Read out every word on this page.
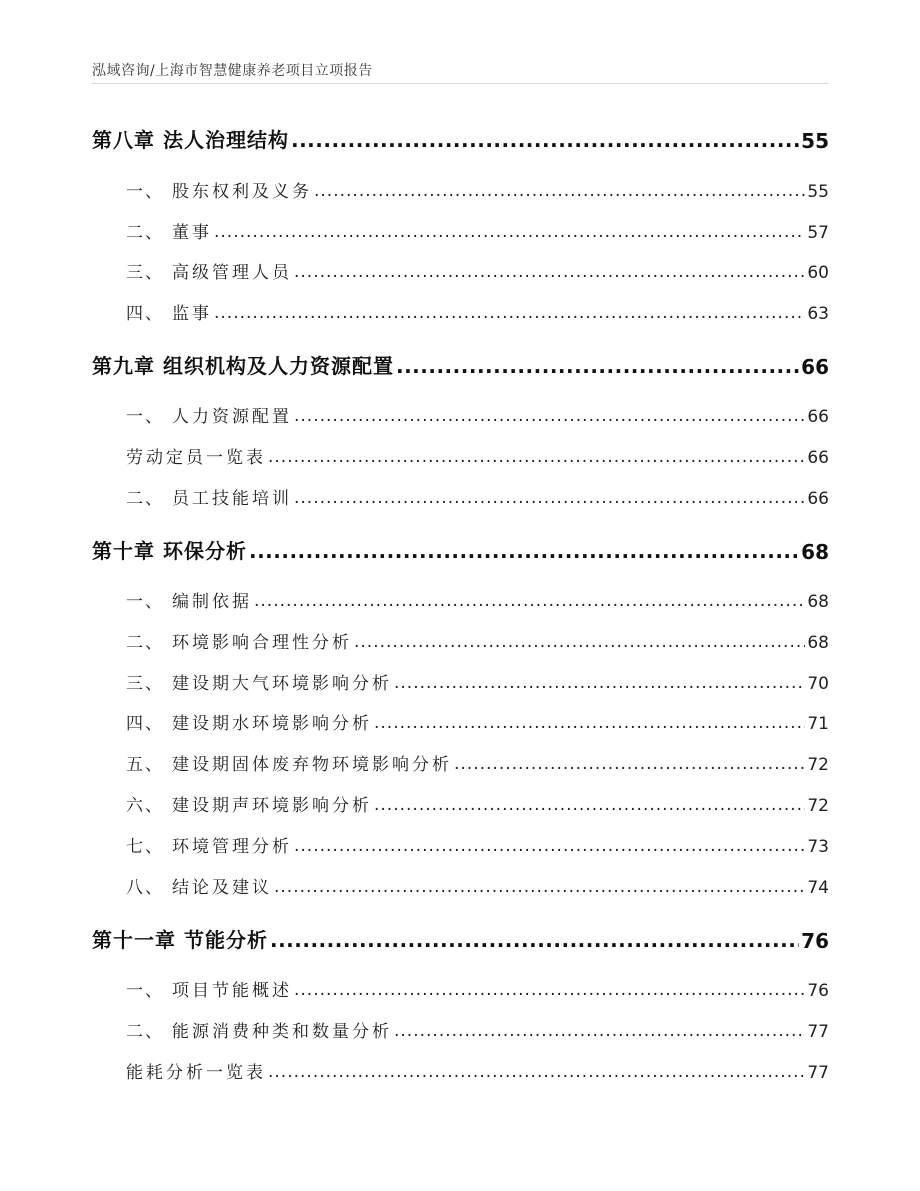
泓域咨询/上海市智慧健康养老项目立项报告
第八章 法人治理结构 .....	55
一、 股东权利及义务 .....	55
二、 董事 .....	57
三、 高级管理人员 .....	60
四、 监事 .....	63
第九章 组织机构及人力资源配置 .....	66
一、 人力资源配置 .....	66
劳动定员一览表 .....	66
二、 员工技能培训 .....	66
第十章 环保分析 .....	68
一、 编制依据 .....	68
二、 环境影响合理性分析 .....	68
三、 建设期大气环境影响分析 .....	70
四、 建设期水环境影响分析 .....	71
五、 建设期固体废弃物环境影响分析 .....	72
六、 建设期声环境影响分析 .....	72
七、 环境管理分析 .....	73
八、 结论及建议 .....	74
第十一章 节能分析 .....	76
一、 项目节能概述 .....	76
二、 能源消费种类和数量分析 .....	77
能耗分析一览表 .....	77
